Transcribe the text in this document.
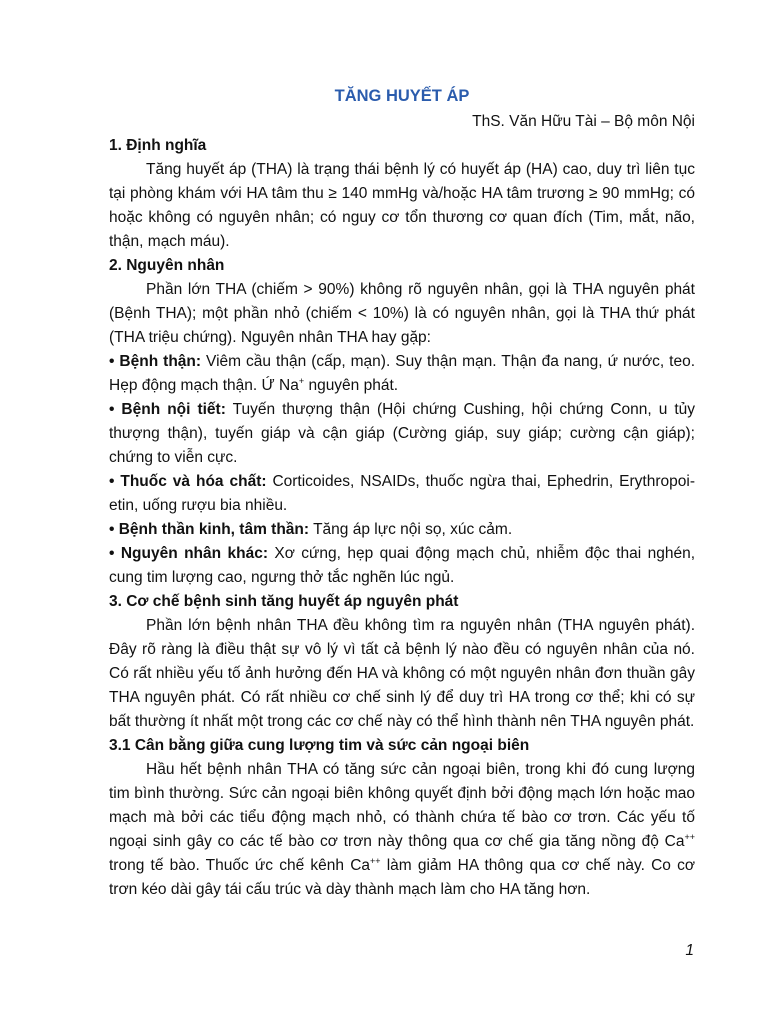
TĂNG HUYẾT ÁP

ThS. Văn Hữu Tài – Bộ môn Nội

1. Định nghĩa

Tăng huyết áp (THA) là trạng thái bệnh lý có huyết áp (HA) cao, duy trì liên tục tại phòng khám với HA tâm thu ≥ 140 mmHg và/hoặc HA tâm trương ≥ 90 mmHg; có hoặc không có nguyên nhân; có nguy cơ tổn thương cơ quan đích (Tim, mắt, não, thận, mạch máu).

2. Nguyên nhân

Phần lớn THA (chiếm > 90%) không rõ nguyên nhân, gọi là THA nguyên phát (Bệnh THA); một phần nhỏ (chiếm < 10%) là có nguyên nhân, gọi là THA thứ phát (THA triệu chứng). Nguyên nhân THA hay gặp:

• Bệnh thận: Viêm cầu thận (cấp, mạn). Suy thận mạn. Thận đa nang, ứ nước, teo. Hẹp động mạch thận. Ứ Na+ nguyên phát.

• Bệnh nội tiết: Tuyến thượng thận (Hội chứng Cushing, hội chứng Conn, u tủy thượng thận), tuyến giáp và cận giáp (Cường giáp, suy giáp; cường cận giáp); chứng to viễn cực.

• Thuốc và hóa chất: Corticoides, NSAIDs, thuốc ngừa thai, Ephedrin, Erythropoi-etin, uống rượu bia nhiều.

• Bệnh thần kinh, tâm thần: Tăng áp lực nội sọ, xúc cảm.

• Nguyên nhân khác: Xơ cứng, hẹp quai động mạch chủ, nhiễm độc thai nghén, cung tim lượng cao, ngưng thở tắc nghẽn lúc ngủ.

3. Cơ chế bệnh sinh tăng huyết áp nguyên phát

Phần lớn bệnh nhân THA đều không tìm ra nguyên nhân (THA nguyên phát). Đây rõ ràng là điều thật sự vô lý vì tất cả bệnh lý nào đều có nguyên nhân của nó. Có rất nhiều yếu tố ảnh hưởng đến HA và không có một nguyên nhân đơn thuần gây THA nguyên phát. Có rất nhiều cơ chế sinh lý để duy trì HA trong cơ thể; khi có sự bất thường ít nhất một trong các cơ chế này có thể hình thành nên THA nguyên phát.

3.1 Cân bằng giữa cung lượng tim và sức cản ngoại biên

Hầu hết bệnh nhân THA có tăng sức cản ngoại biên, trong khi đó cung lượng tim bình thường. Sức cản ngoại biên không quyết định bởi động mạch lớn hoặc mao mạch mà bởi các tiểu động mạch nhỏ, có thành chứa tế bào cơ trơn. Các yếu tố ngoại sinh gây co các tế bào cơ trơn này thông qua cơ chế gia tăng nồng độ Ca++ trong tế bào. Thuốc ức chế kênh Ca++ làm giảm HA thông qua cơ chế này. Co cơ trơn kéo dài gây tái cấu trúc và dày thành mạch làm cho HA tăng hơn.

1
